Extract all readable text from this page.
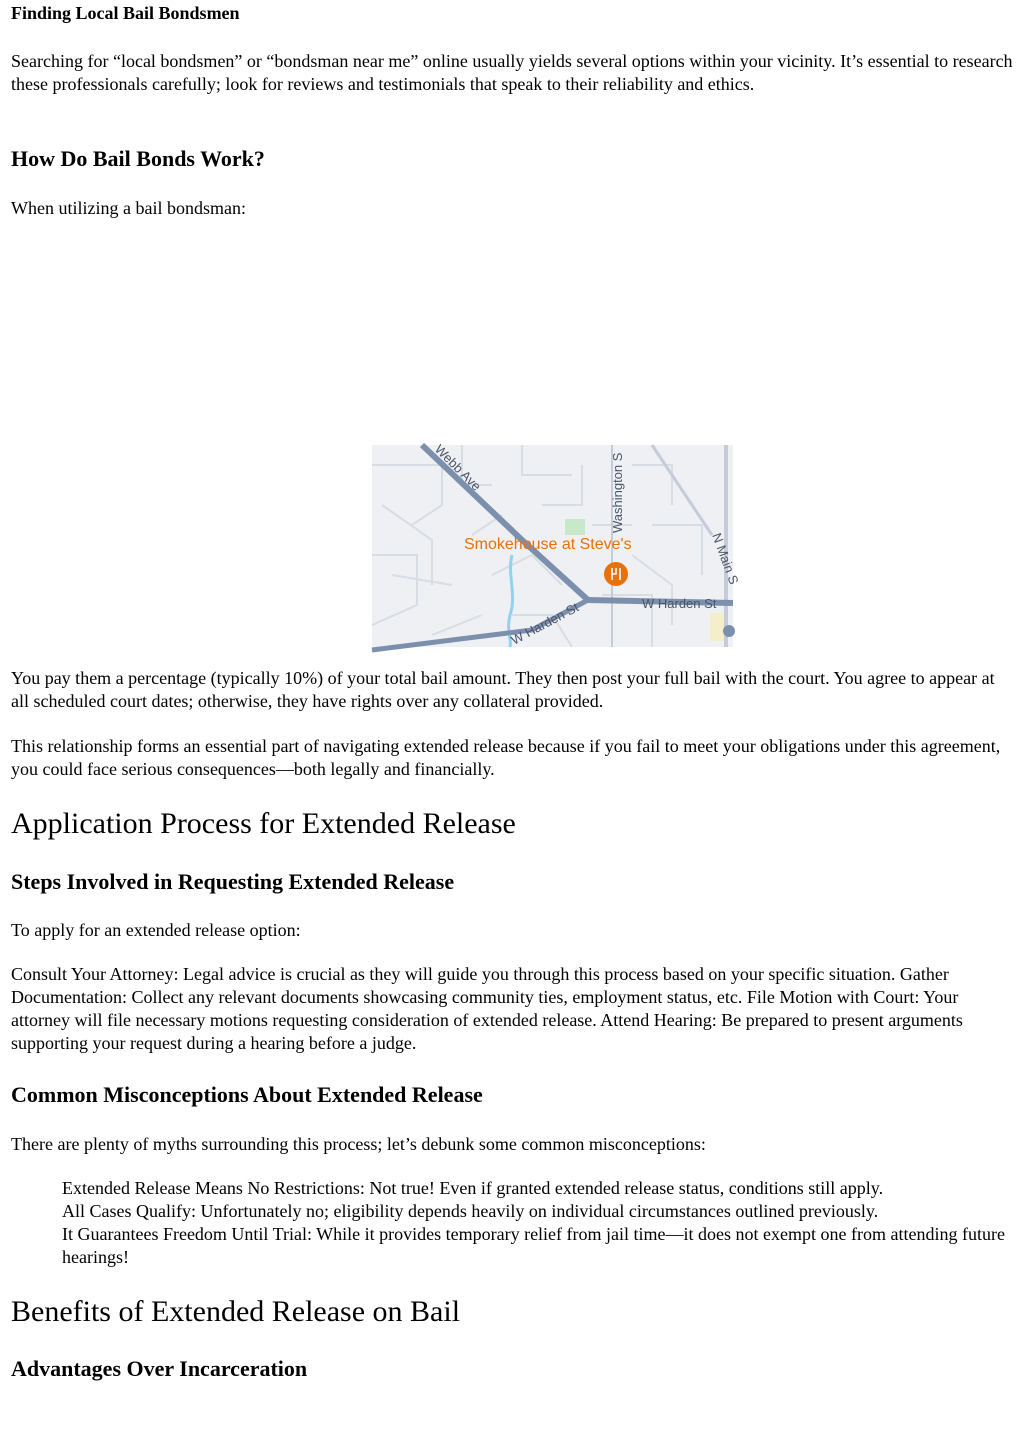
Finding Local Bail Bondsmen

Searching for “local bondsmen” or “bondsman near me” online usually yields several options within your vicinity. It’s essential to research these professionals carefully; look for reviews and testimonials that speak to their reliability and ethics.

How Do Bail Bonds Work?

When utilizing a bail bondsman:

Smokehouse at Steve's
Webb Ave	Washington S
N Main S
W Harden St
W Harden St

You pay them a percentage (typically 10%) of your total bail amount. They then post your full bail with the court. You agree to appear at all scheduled court dates; otherwise, they have rights over any collateral provided.

This relationship forms an essential part of navigating extended release because if you fail to meet your obligations under this agreement, you could face serious consequences—both legally and financially.

Application Process for Extended Release
Steps Involved in Requesting Extended Release

To apply for an extended release option:

Consult Your Attorney: Legal advice is crucial as they will guide you through this process based on your specific situation. Gather Documentation: Collect any relevant documents showcasing community ties, employment status, etc. File Motion with Court: Your attorney will file necessary motions requesting consideration of extended release. Attend Hearing: Be prepared to present arguments supporting your request during a hearing before a judge.

Common Misconceptions About Extended Release

There are plenty of myths surrounding this process; let’s debunk some common misconceptions:

Extended Release Means No Restrictions: Not true! Even if granted extended release status, conditions still apply.
All Cases Qualify: Unfortunately no; eligibility depends heavily on individual circumstances outlined previously.
It Guarantees Freedom Until Trial: While it provides temporary relief from jail time—it does not exempt one from attending future hearings!
Benefits of Extended Release on Bail
Advantages Over Incarceration
